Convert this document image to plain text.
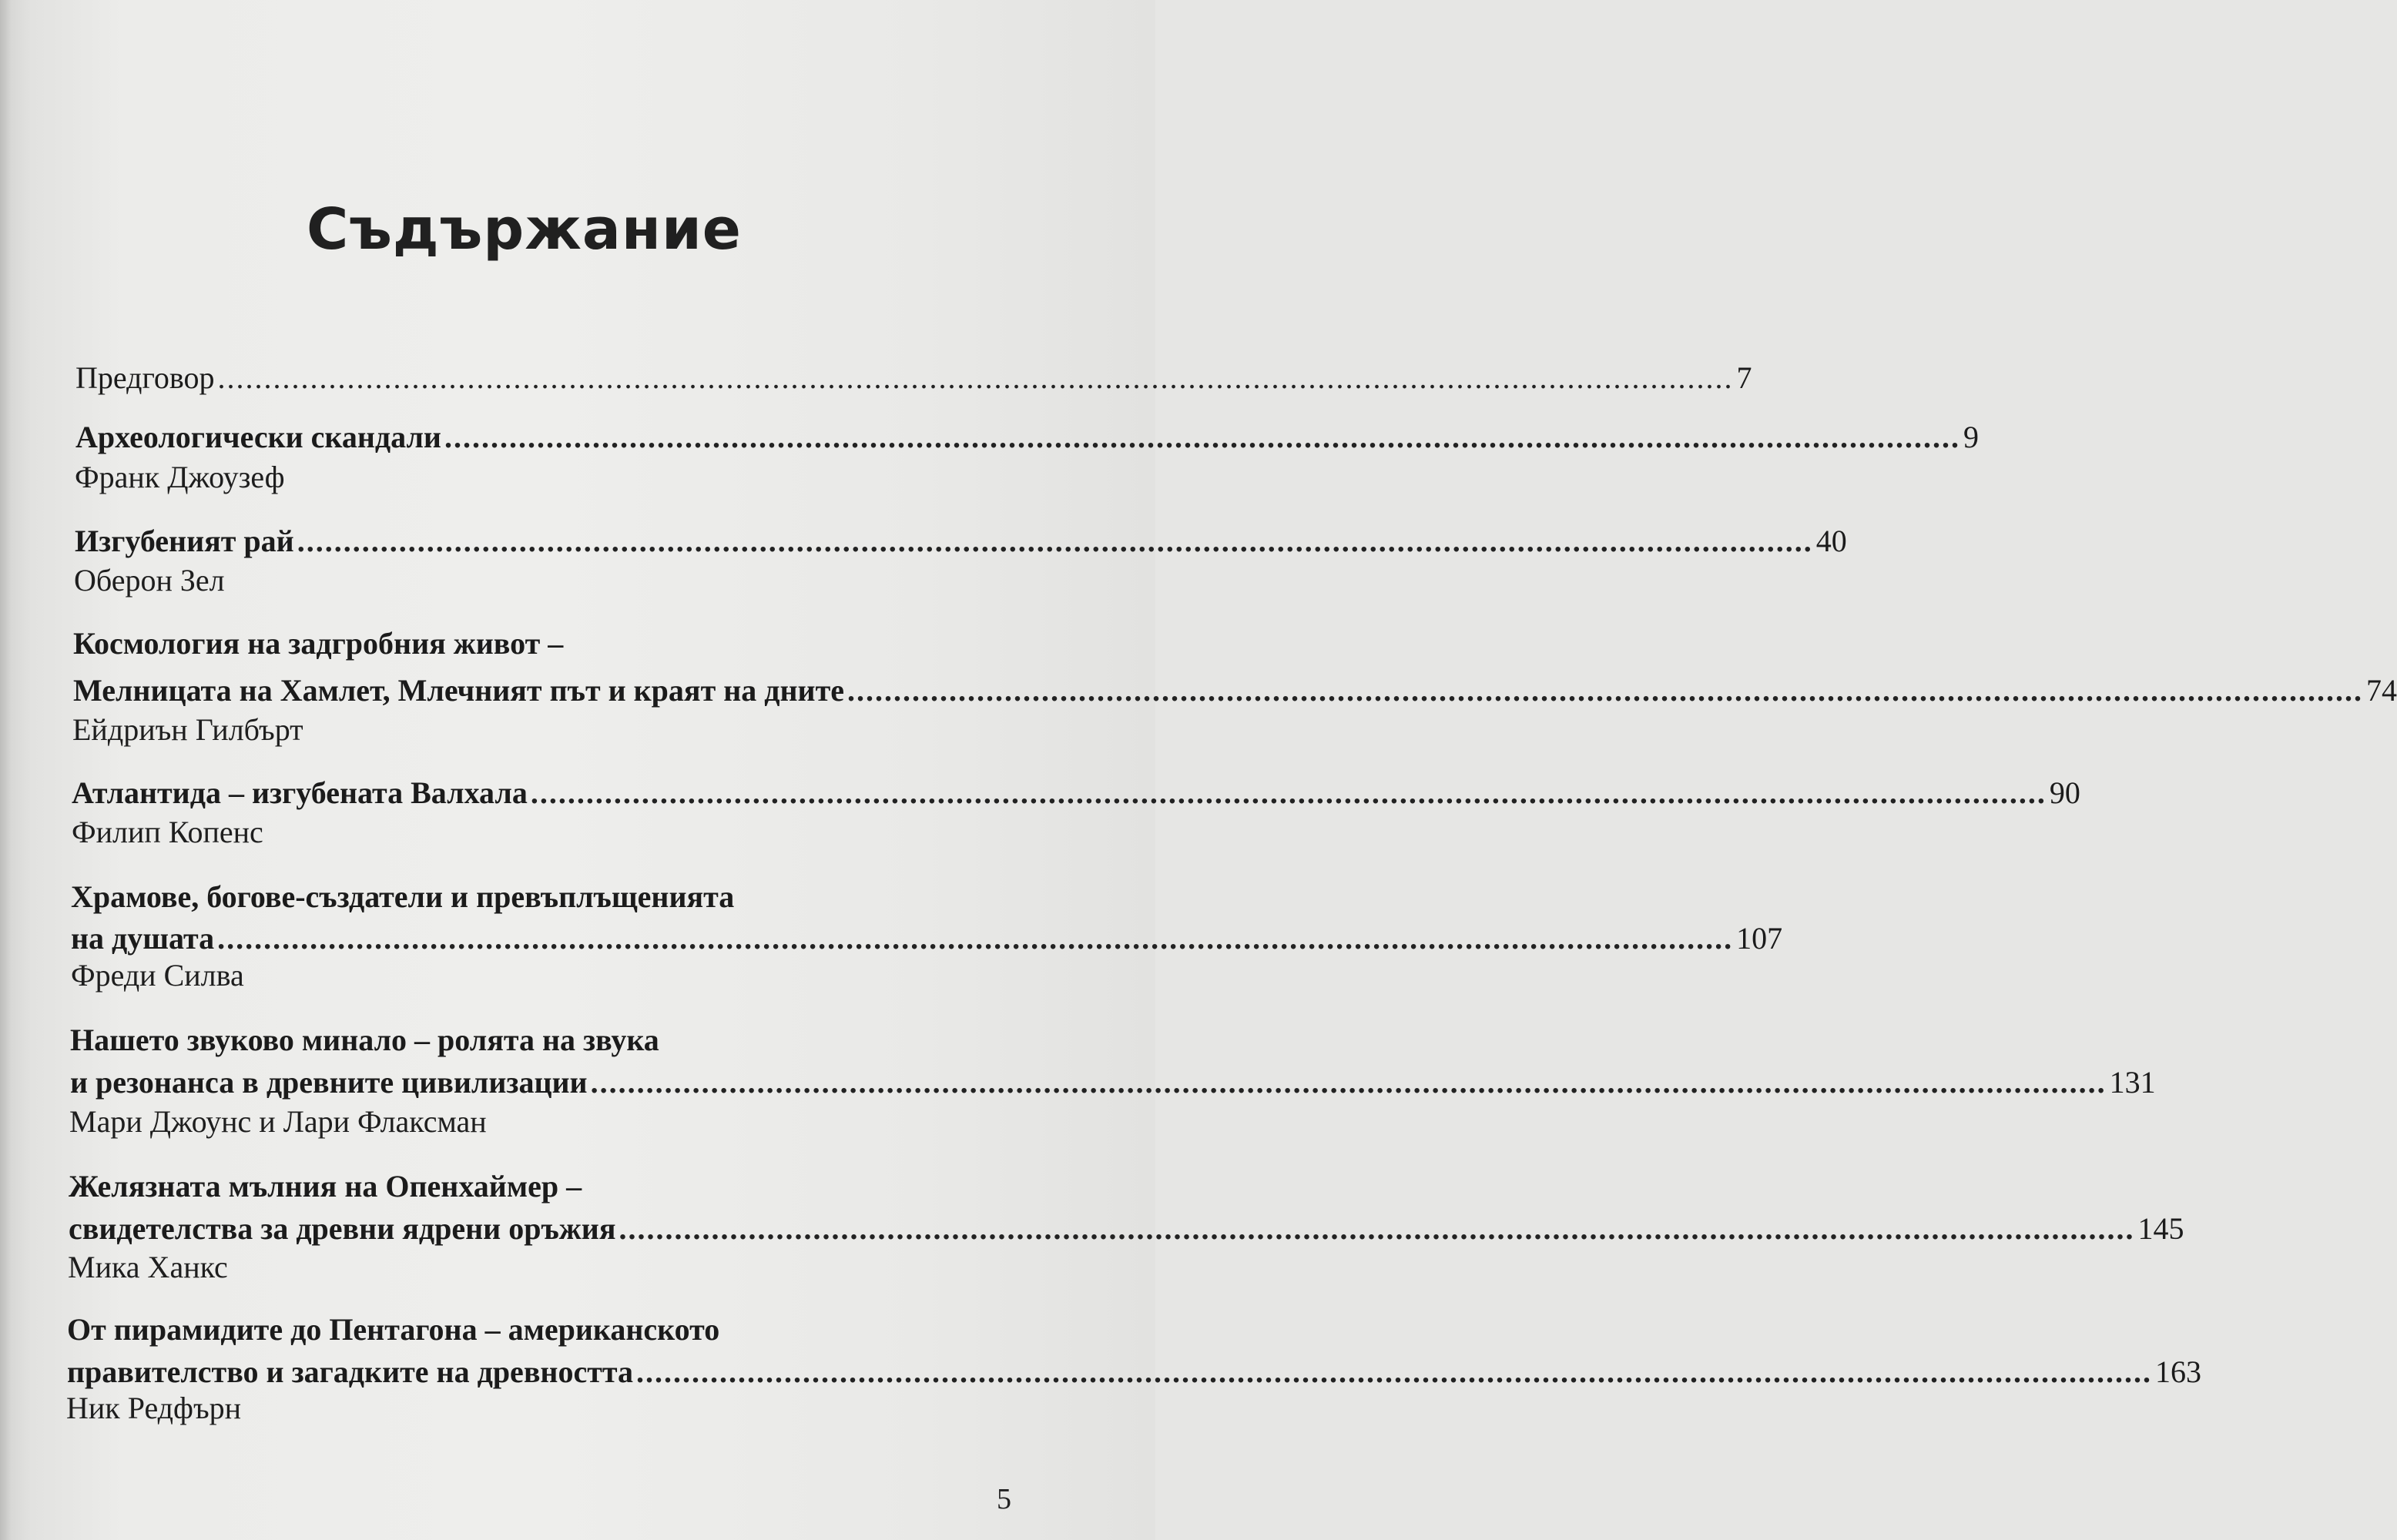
Съдържание
Предговор .................................................................................................................................................................... 7
Археологически скандали .................................................................................................................................................................... 9
Франк Джоузеф
Изгубеният рай .................................................................................................................................................................... 40
Оберон Зел
Космология на задгробния живот –
Мелницата на Хамлет, Млечният път и краят на дните .................................................................................................................................................................... 74
Ейдриън Гилбърт
Атлантида – изгубената Валхала .................................................................................................................................................................... 90
Филип Копенс
Храмове, богове-създатели и превъплъщенията
на душата .................................................................................................................................................................... 107
Фреди Силва
Нашето звуково минало – ролята на звука
и резонанса в древните цивилизации .................................................................................................................................................................... 131
Мари Джоунс и Лари Флаксман
Желязната мълния на Опенхаймер –
свидетелства за древни ядрени оръжия .................................................................................................................................................................... 145
Мика Ханкс
От пирамидите до Пентагона – американското
правителство и загадките на древността .................................................................................................................................................................... 163
Ник Редфърн
5
